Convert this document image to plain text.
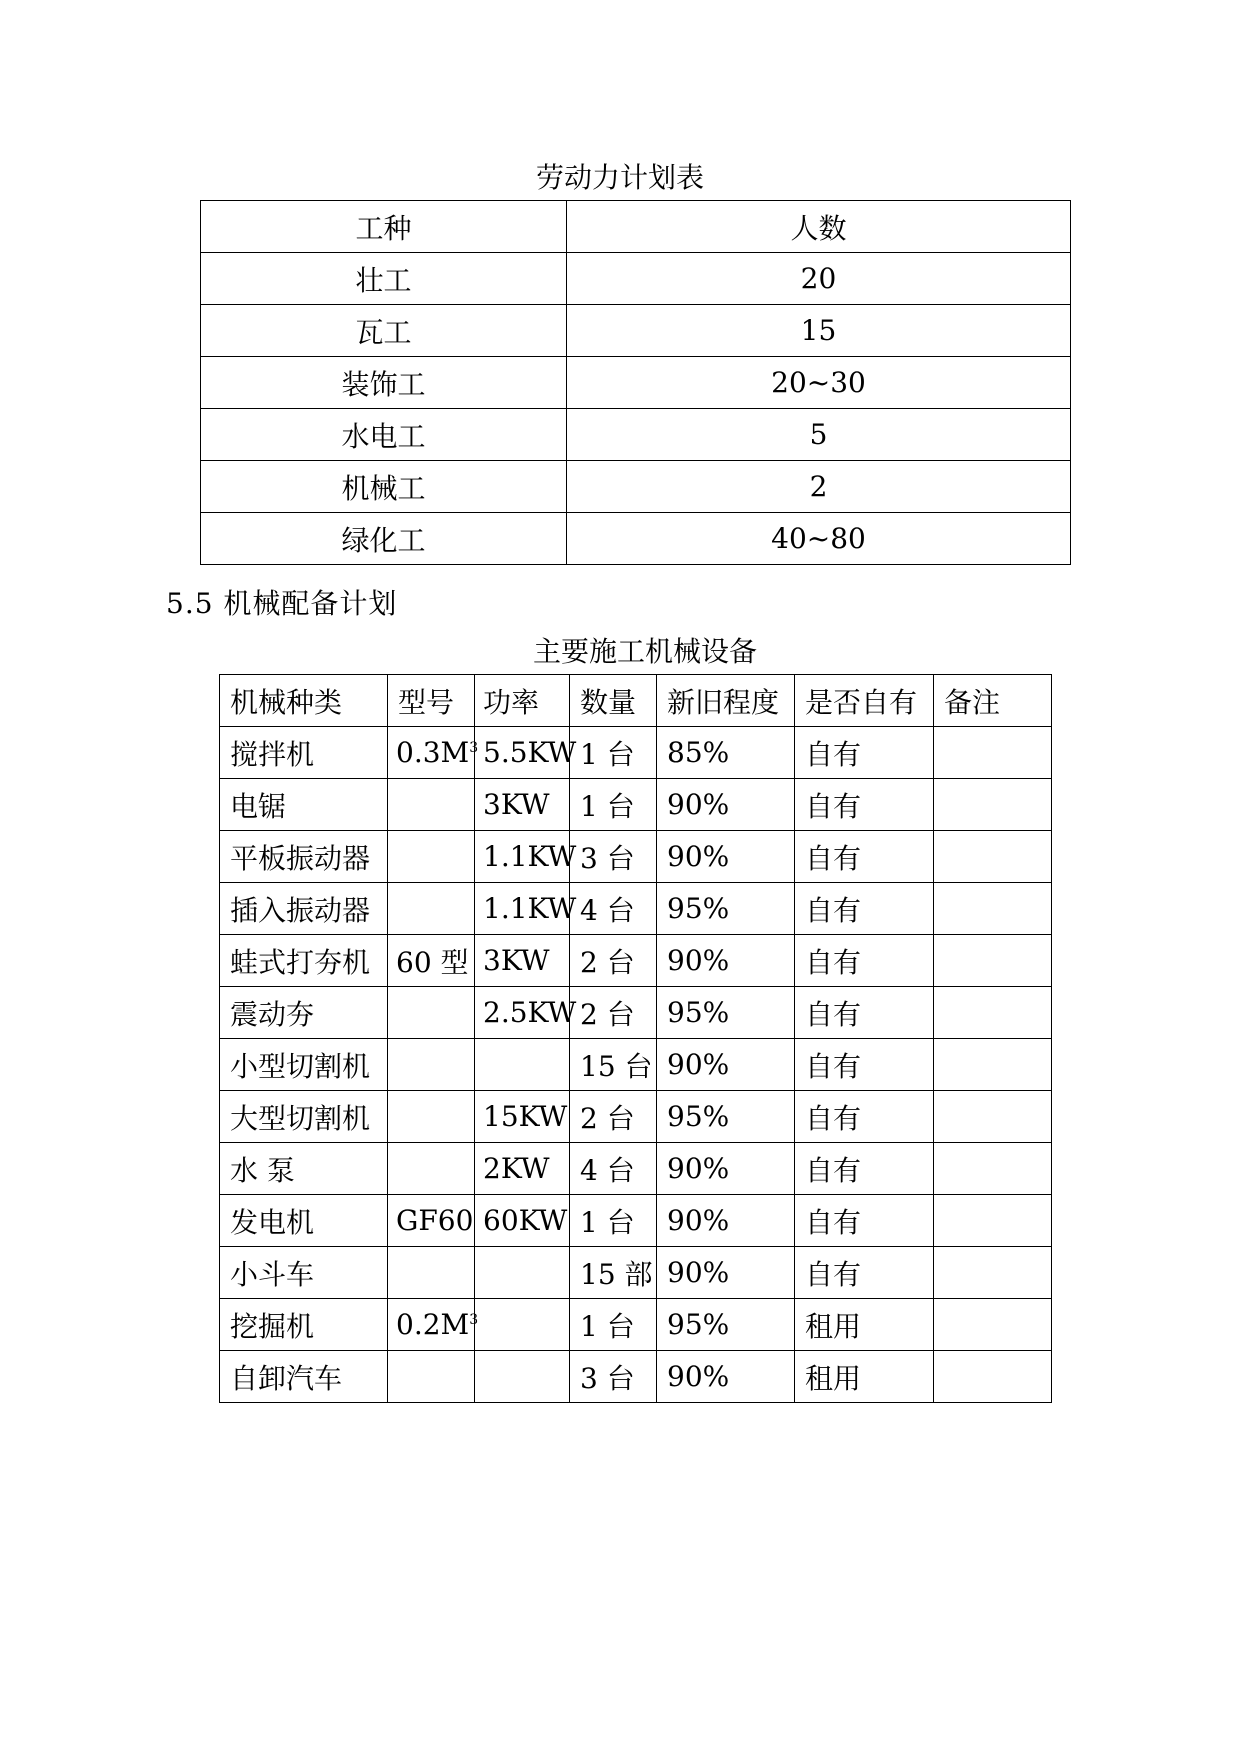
劳动力计划表
工种	人数
壮工	20
瓦工	15
装饰工	20~30
水电工	5
机械工	2
绿化工	40~80
5.5 机械配备计划
主要施工机械设备
机械种类	型号	功率	数量	新旧程度	是否自有	备注
搅拌机	$0.3M^3$	5.5KW	1 台	85%	自有	
电锯		3KW	1 台	90%	自有	
平板振动器		1.1KW	3 台	90%	自有	
插入振动器		1.1KW	4 台	95%	自有	
蛙式打夯机	60 型	3KW	2 台	90%	自有	
震动夯		2.5KW	2 台	95%	自有	
小型切割机			15 台	90%	自有	
大型切割机		15KW	2 台	95%	自有	
水 泵		2KW	4 台	90%	自有	
发电机	GF60	60KW	1 台	90%	自有	
小斗车			15 部	90%	自有	
挖掘机	$0.2M^3$		1 台	95%	租用	
自卸汽车			3 台	90%	租用	
